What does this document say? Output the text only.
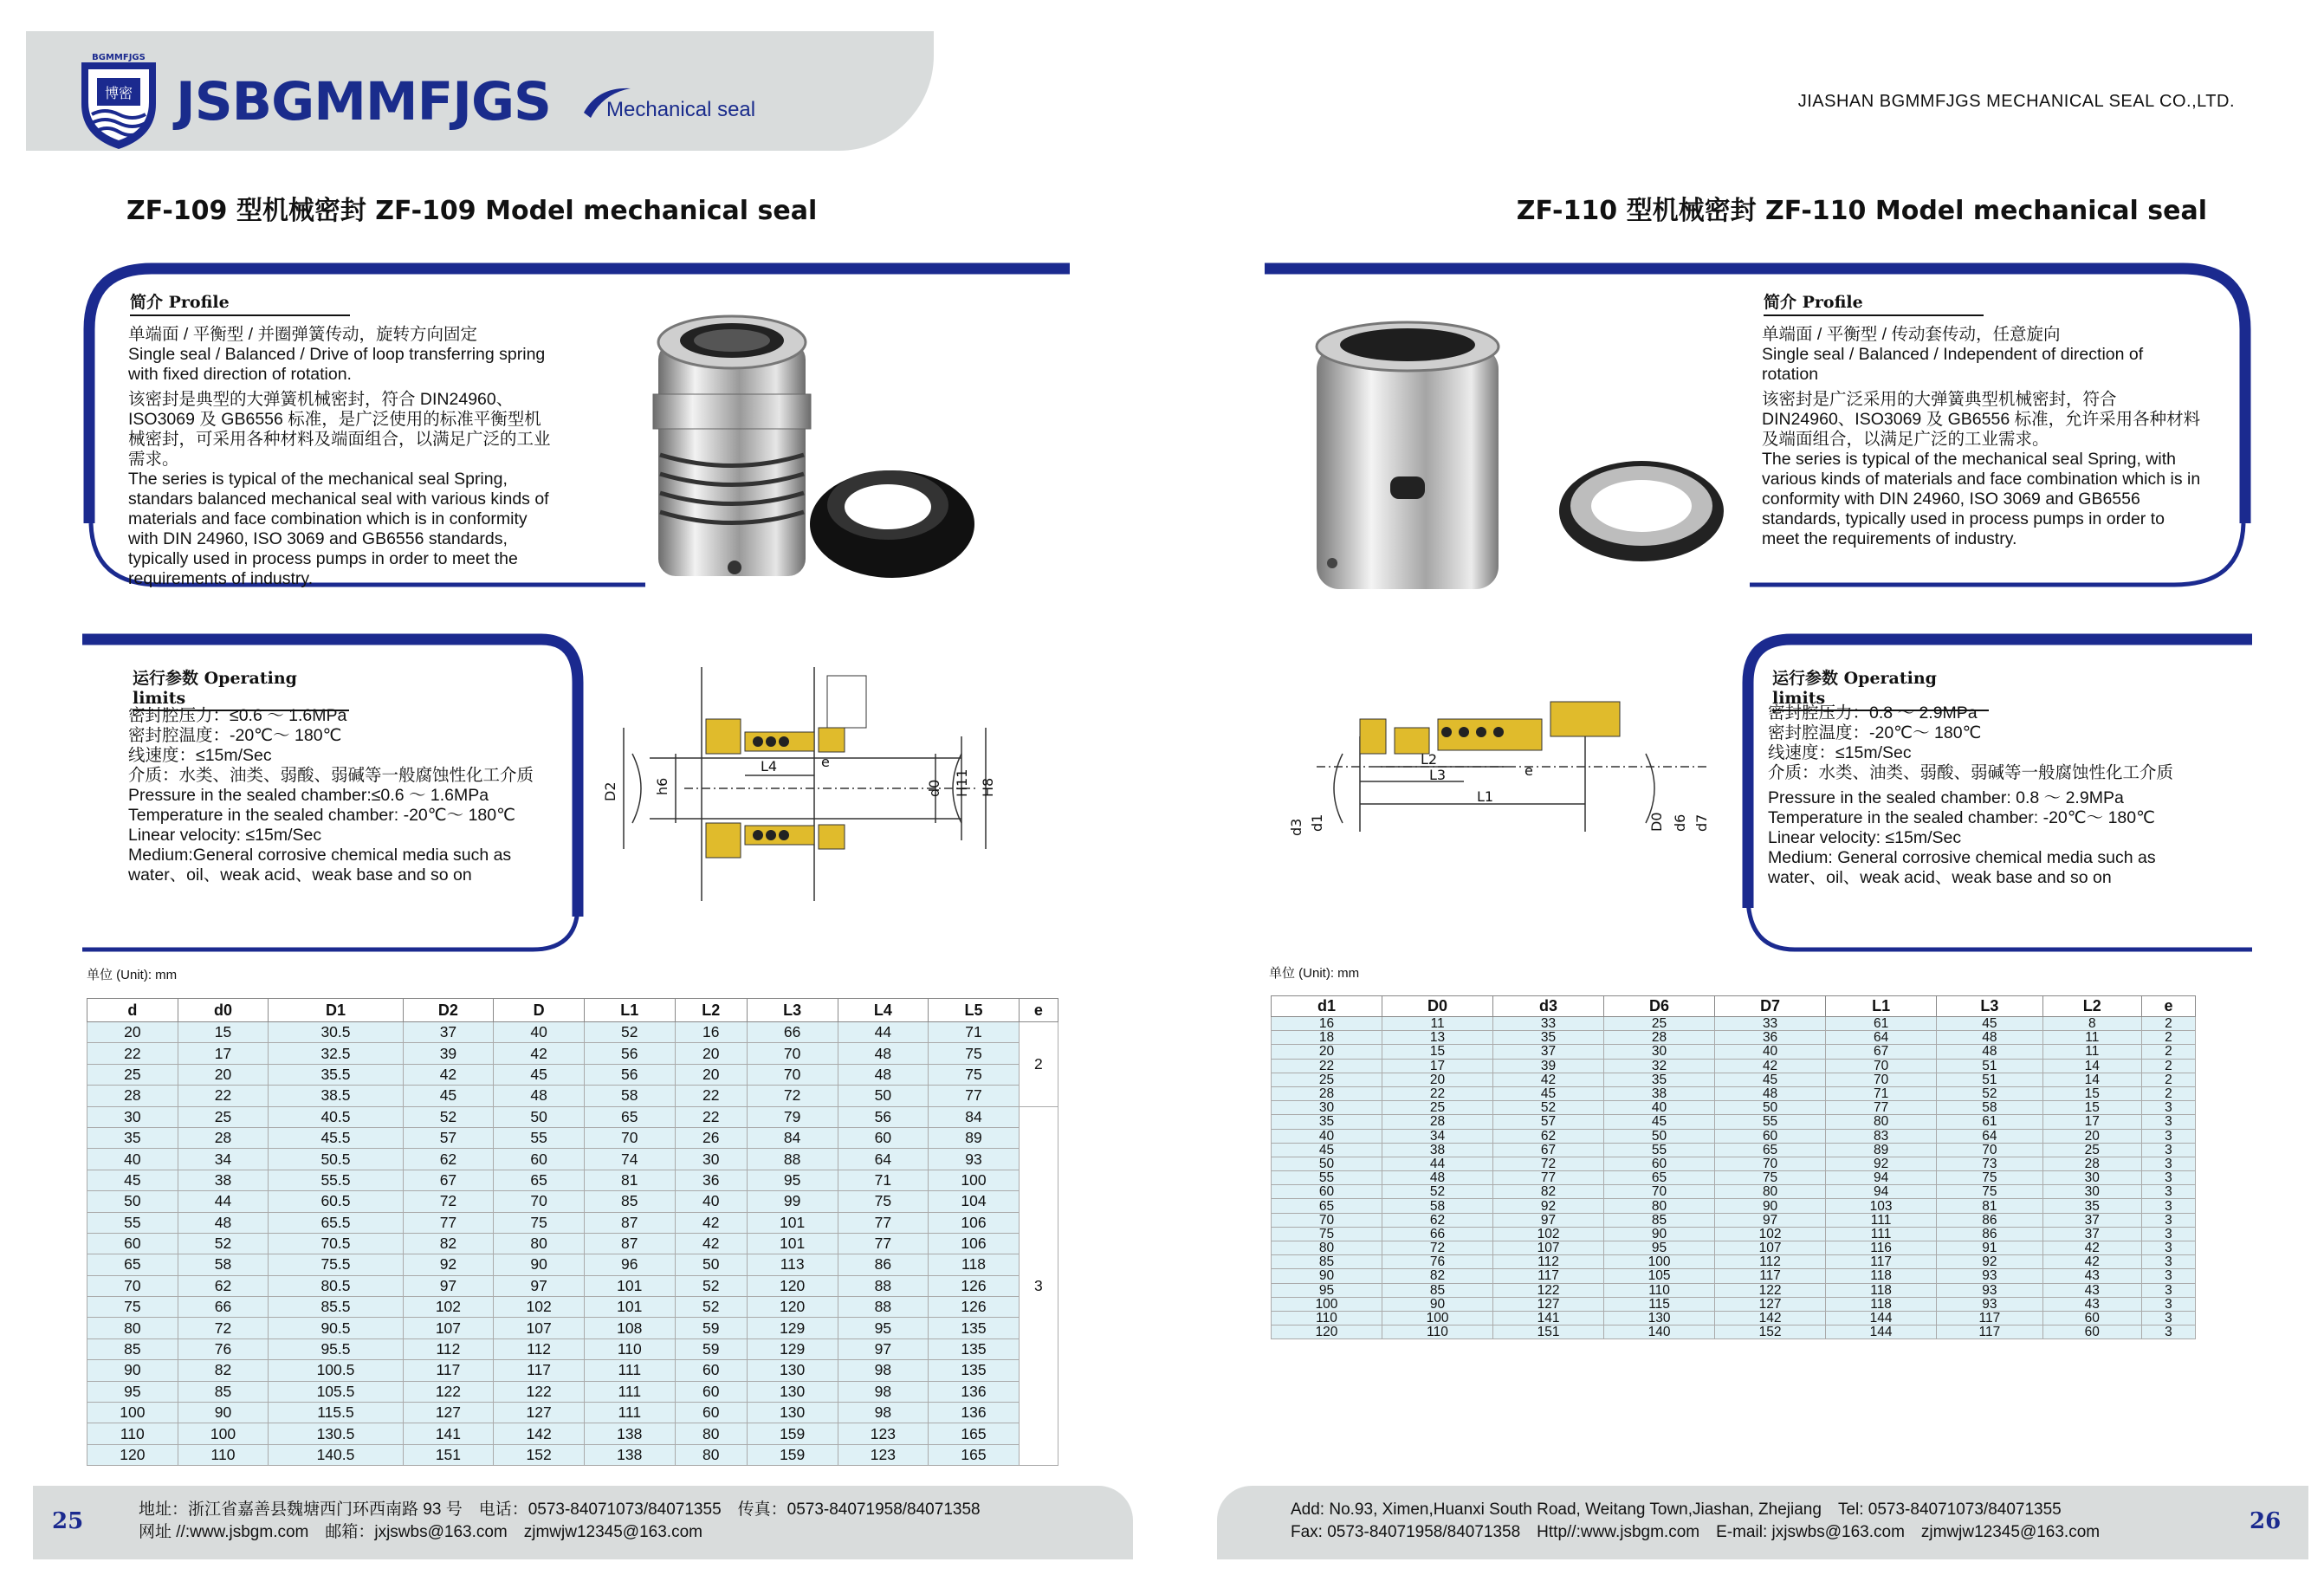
博密
BGMMFJGS
JSBGMMFJGS	Mechanical seal	JIASHAN BGMMFJGS MECHANICAL SEAL CO.,LTD.
ZF-109 型机械密封 ZF-109 Model mechanical seal	ZF-110 型机械密封 ZF-110 Model mechanical seal
简介 Profile
单端面 / 平衡型 / 并圈弹簧传动，旋转方向固定
Single seal / Balanced / Drive of loop transferring spring with fixed direction of rotation.
该密封是典型的大弹簧机械密封，符合 DIN24960、ISO3069 及 GB6556 标准，是广泛使用的标准平衡型机械密封，可采用各种材料及端面组合，以满足广泛的工业需求。
The series is typical of the mechanical seal Spring, standars balanced mechanical seal with various kinds of materials and face combination which is in conformity with DIN 24960, ISO 3069 and GB6556 standards, typically used in process pumps in order to meet the requirements of industry.
运行参数 Operating limits
密封腔压力：≤0.6 ～ 1.6MPa
密封腔温度：-20℃～ 180℃
线速度：≤15m/Sec
介质：水类、油类、弱酸、弱碱等一般腐蚀性化工介质
Pressure in the sealed chamber:≤0.6 ～ 1.6MPa
Temperature in the sealed chamber: -20℃～ 180℃
Linear velocity: ≤15m/Sec
Medium:General corrosive chemical media such as
water、oil、weak acid、weak base and so on
D2	h6
L4	e
d0 H11 H8
单位 (Unit): mm
d	d0	D1	D2	D	L1	L2	L3	L4	L5	e
20	15	30.5	37	40	52	16	66	44	71	2
22	17	32.5	39	42	56	20	70	48	75	
25	20	35.5	42	45	56	20	70	48	75	
28	22	38.5	45	48	58	22	72	50	77	
30	25	40.5	52	50	65	22	79	56	84	3
35	28	45.5	57	55	70	26	84	60	89	
40	34	50.5	62	60	74	30	88	64	93	
45	38	55.5	67	65	81	36	95	71	100	
50	44	60.5	72	70	85	40	99	75	104	
55	48	65.5	77	75	87	42	101	77	106	
60	52	70.5	82	80	87	42	101	77	106	
65	58	75.5	92	90	96	50	113	86	118	
70	62	80.5	97	97	101	52	120	88	126	
75	66	85.5	102	102	101	52	120	88	126	
80	72	90.5	107	107	108	59	129	95	135	
85	76	95.5	112	112	110	59	129	97	135	
90	82	100.5	117	117	111	60	130	98	135	
95	85	105.5	122	122	111	60	130	98	136	
100	90	115.5	127	127	111	60	130	98	136	
110	100	130.5	141	142	138	80	159	123	165	
120	110	140.5	151	152	138	80	159	123	165	
简介 Profile
单端面 / 平衡型 / 传动套传动，任意旋向
Single seal / Balanced / Independent of direction of rotation
该密封是广泛采用的大弹簧典型机械密封，符合 DIN24960、ISO3069 及 GB6556 标准，允许采用各种材料及端面组合，以满足广泛的工业需求。
The series is typical of the mechanical seal Spring, with various kinds of materials and face combination which is in conformity with DIN 24960, ISO 3069 and GB6556 standards, typically used in process pumps in order to meet the requirements of industry.
运行参数 Operating limits
密封腔压力：0.8 ～ 2.9MPa
密封腔温度：-20℃～ 180℃
线速度：≤15m/Sec
介质：水类、油类、弱酸、弱碱等一般腐蚀性化工介质
Pressure in the sealed chamber: 0.8 ～ 2.9MPa
Temperature in the sealed chamber: -20℃～ 180℃
Linear velocity: ≤15m/Sec
Medium: General corrosive chemical media such as
water、oil、weak acid、weak base and so on
L2
L3	e
L1
d3 d1	D0 d6 d7
单位 (Unit): mm
d1	D0	d3	D6	D7	L1	L3	L2	e
16	11	33	25	33	61	45	8	2
18	13	35	28	36	64	48	11	2
20	15	37	30	40	67	48	11	2
22	17	39	32	42	70	51	14	2
25	20	42	35	45	70	51	14	2
28	22	45	38	48	71	52	15	2
30	25	52	40	50	77	58	15	3
35	28	57	45	55	80	61	17	3
40	34	62	50	60	83	64	20	3
45	38	67	55	65	89	70	25	3
50	44	72	60	70	92	73	28	3
55	48	77	65	75	94	75	30	3
60	52	82	70	80	94	75	30	3
65	58	92	80	90	103	81	35	3
70	62	97	85	97	111	86	37	3
75	66	102	90	102	111	86	37	3
80	72	107	95	107	116	91	42	3
85	76	112	100	112	117	92	42	3
90	82	117	105	117	118	93	43	3
95	85	122	110	122	118	93	43	3
100	90	127	115	127	118	93	43	3
110	100	141	130	142	144	117	60	3
120	110	151	140	152	144	117	60	3
25	26
地址：浙江省嘉善县魏塘西门环西南路 93 号　电话：0573-84071073/84071355　传真：0573-84071958/84071358
网址 //:www.jsbgm.com　邮箱：jxjswbs@163.com　zjmwjw12345@163.com
Add: No.93, Ximen,Huanxi South Road, Weitang Town,Jiashan, Zhejiang　Tel: 0573-84071073/84071355
Fax: 0573-84071958/84071358　Http//:www.jsbgm.com　E-mail: jxjswbs@163.com　zjmwjw12345@163.com
